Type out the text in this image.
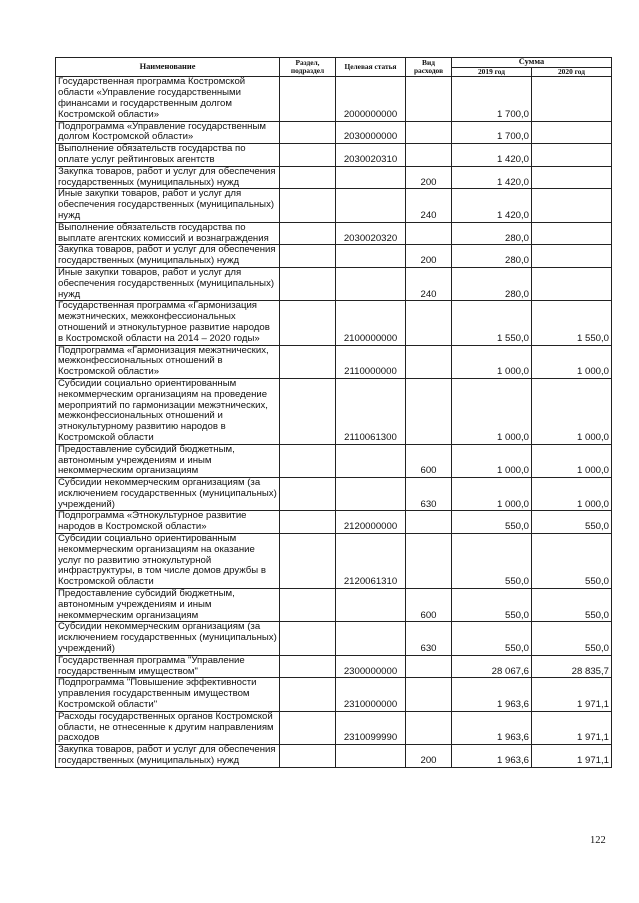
Наименование	Раздел, подраздел	Целевая статья	Вид расходов	Сумма	
				2019 год	2020 год
Государственная программа Костромской области «Управление государственными финансами и государственным долгом Костромской области»		2000000000		1 700,0	
Подпрограмма «Управление государственным долгом Костромской области»		2030000000		1 700,0	
Выполнение обязательств государства по оплате услуг рейтинговых агентств		2030020310		1 420,0	
Закупка товаров, работ и услуг для обеспечения государственных (муниципальных) нужд			200	1 420,0	
Иные закупки товаров, работ и услуг для обеспечения государственных (муниципальных) нужд			240	1 420,0	
Выполнение обязательств государства по выплате агентских комиссий и вознаграждения		2030020320		280,0	
Закупка товаров, работ и услуг для обеспечения государственных (муниципальных) нужд			200	280,0	
Иные закупки товаров, работ и услуг для обеспечения государственных (муниципальных) нужд			240	280,0	
Государственная программа «Гармонизация межэтнических, межконфессиональных отношений и этнокультурное развитие народов в Костромской области на 2014 – 2020 годы»		2100000000		1 550,0	1 550,0
Подпрограмма «Гармонизация межэтнических, межконфессиональных отношений в Костромской области»		2110000000		1 000,0	1 000,0
Субсидии социально ориентированным некоммерческим организациям на проведение мероприятий по гармонизации межэтнических, межконфессиональных отношений и этнокультурному развитию народов в Костромской области		2110061300		1 000,0	1 000,0
Предоставление субсидий бюджетным, автономным учреждениям и иным некоммерческим организациям			600	1 000,0	1 000,0
Субсидии некоммерческим организациям (за исключением государственных (муниципальных) учреждений)			630	1 000,0	1 000,0
Подпрограмма «Этнокультурное развитие народов в Костромской области»		2120000000		550,0	550,0
Субсидии социально ориентированным некоммерческим организациям на оказание услуг по развитию этнокультурной инфраструктуры, в том числе домов дружбы в Костромской области		2120061310		550,0	550,0
Предоставление субсидий бюджетным, автономным учреждениям и иным некоммерческим организациям			600	550,0	550,0
Субсидии некоммерческим организациям (за исключением государственных (муниципальных) учреждений)			630	550,0	550,0
Государственная программа "Управление государственным имуществом"		2300000000		28 067,6	28 835,7
Подпрограмма "Повышение эффективности управления государственным имуществом Костромской области"		2310000000		1 963,6	1 971,1
Расходы государственных органов Костромской области, не отнесенные к другим направлениям расходов		2310099990		1 963,6	1 971,1
Закупка товаров, работ и услуг для обеспечения государственных (муниципальных) нужд			200	1 963,6	1 971,1
122
